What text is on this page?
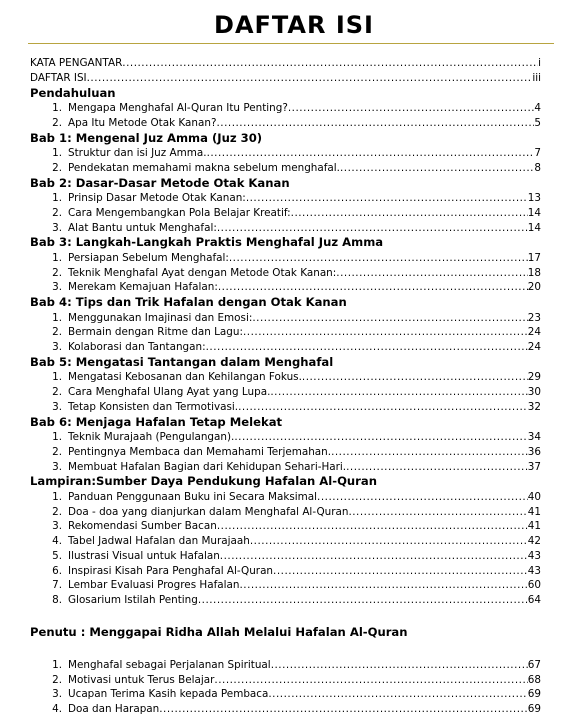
DAFTAR ISI
KATA PENGANTAR .....	i
DAFTAR ISI .....	iii
Pendahuluan
1. Mengapa Menghafal Al-Quran Itu Penting? .....	4
2. Apa Itu Metode Otak Kanan? .....	5
Bab 1: Mengenal Juz Amma (Juz 30)
1. Struktur dan isi Juz Amma. .....	7
2. Pendekatan memahami makna sebelum menghafal. .....	8
Bab 2: Dasar-Dasar Metode Otak Kanan
1. Prinsip Dasar Metode Otak Kanan: .....	13
2. Cara Mengembangkan Pola Belajar Kreatif: .....	14
3. Alat Bantu untuk Menghafal: .....	14
Bab 3: Langkah-Langkah Praktis Menghafal Juz Amma
1. Persiapan Sebelum Menghafal: .....	17
2. Teknik Menghafal Ayat dengan Metode Otak Kanan: .....	18
3. Merekam Kemajuan Hafalan: .....	20
Bab 4: Tips dan Trik Hafalan dengan Otak Kanan
1. Menggunakan Imajinasi dan Emosi: .....	23
2. Bermain dengan Ritme dan Lagu: .....	24
3. Kolaborasi dan Tantangan: .....	24
Bab 5: Mengatasi Tantangan dalam Menghafal
1. Mengatasi Kebosanan dan Kehilangan Fokus. .....	29
2. Cara Menghafal Ulang Ayat yang Lupa. .....	30
3. Tetap Konsisten dan Termotivasi. .....	32
Bab 6: Menjaga Hafalan Tetap Melekat
1. Teknik Murajaah (Pengulangan). .....	34
2. Pentingnya Membaca dan Memahami Terjemahan. .....	36
3. Membuat Hafalan Bagian dari Kehidupan Sehari-Hari. .....	37
Lampiran:Sumber Daya Pendukung Hafalan Al-Quran
1. Panduan Penggunaan Buku ini Secara Maksimal .....	40
2. Doa - doa yang dianjurkan dalam Menghafal Al-Quran .....	41
3. Rekomendasi Sumber Bacan .....	41
4. Tabel Jadwal Hafalan dan Murajaah .....	42
5. Ilustrasi Visual untuk Hafalan .....	43
6. Inspirasi Kisah Para Penghafal Al-Quran .....	43
7. Lembar Evaluasi Progres Hafalan .....	60
8. Glosarium Istilah Penting .....	64
Penutu : Menggapai Ridha Allah Melalui Hafalan Al-Quran
1. Menghafal sebagai Perjalanan Spiritual .....	67
2. Motivasi untuk Terus Belajar .....	68
3. Ucapan Terima Kasih kepada Pembaca .....	69
4. Doa dan Harapan .....	69
